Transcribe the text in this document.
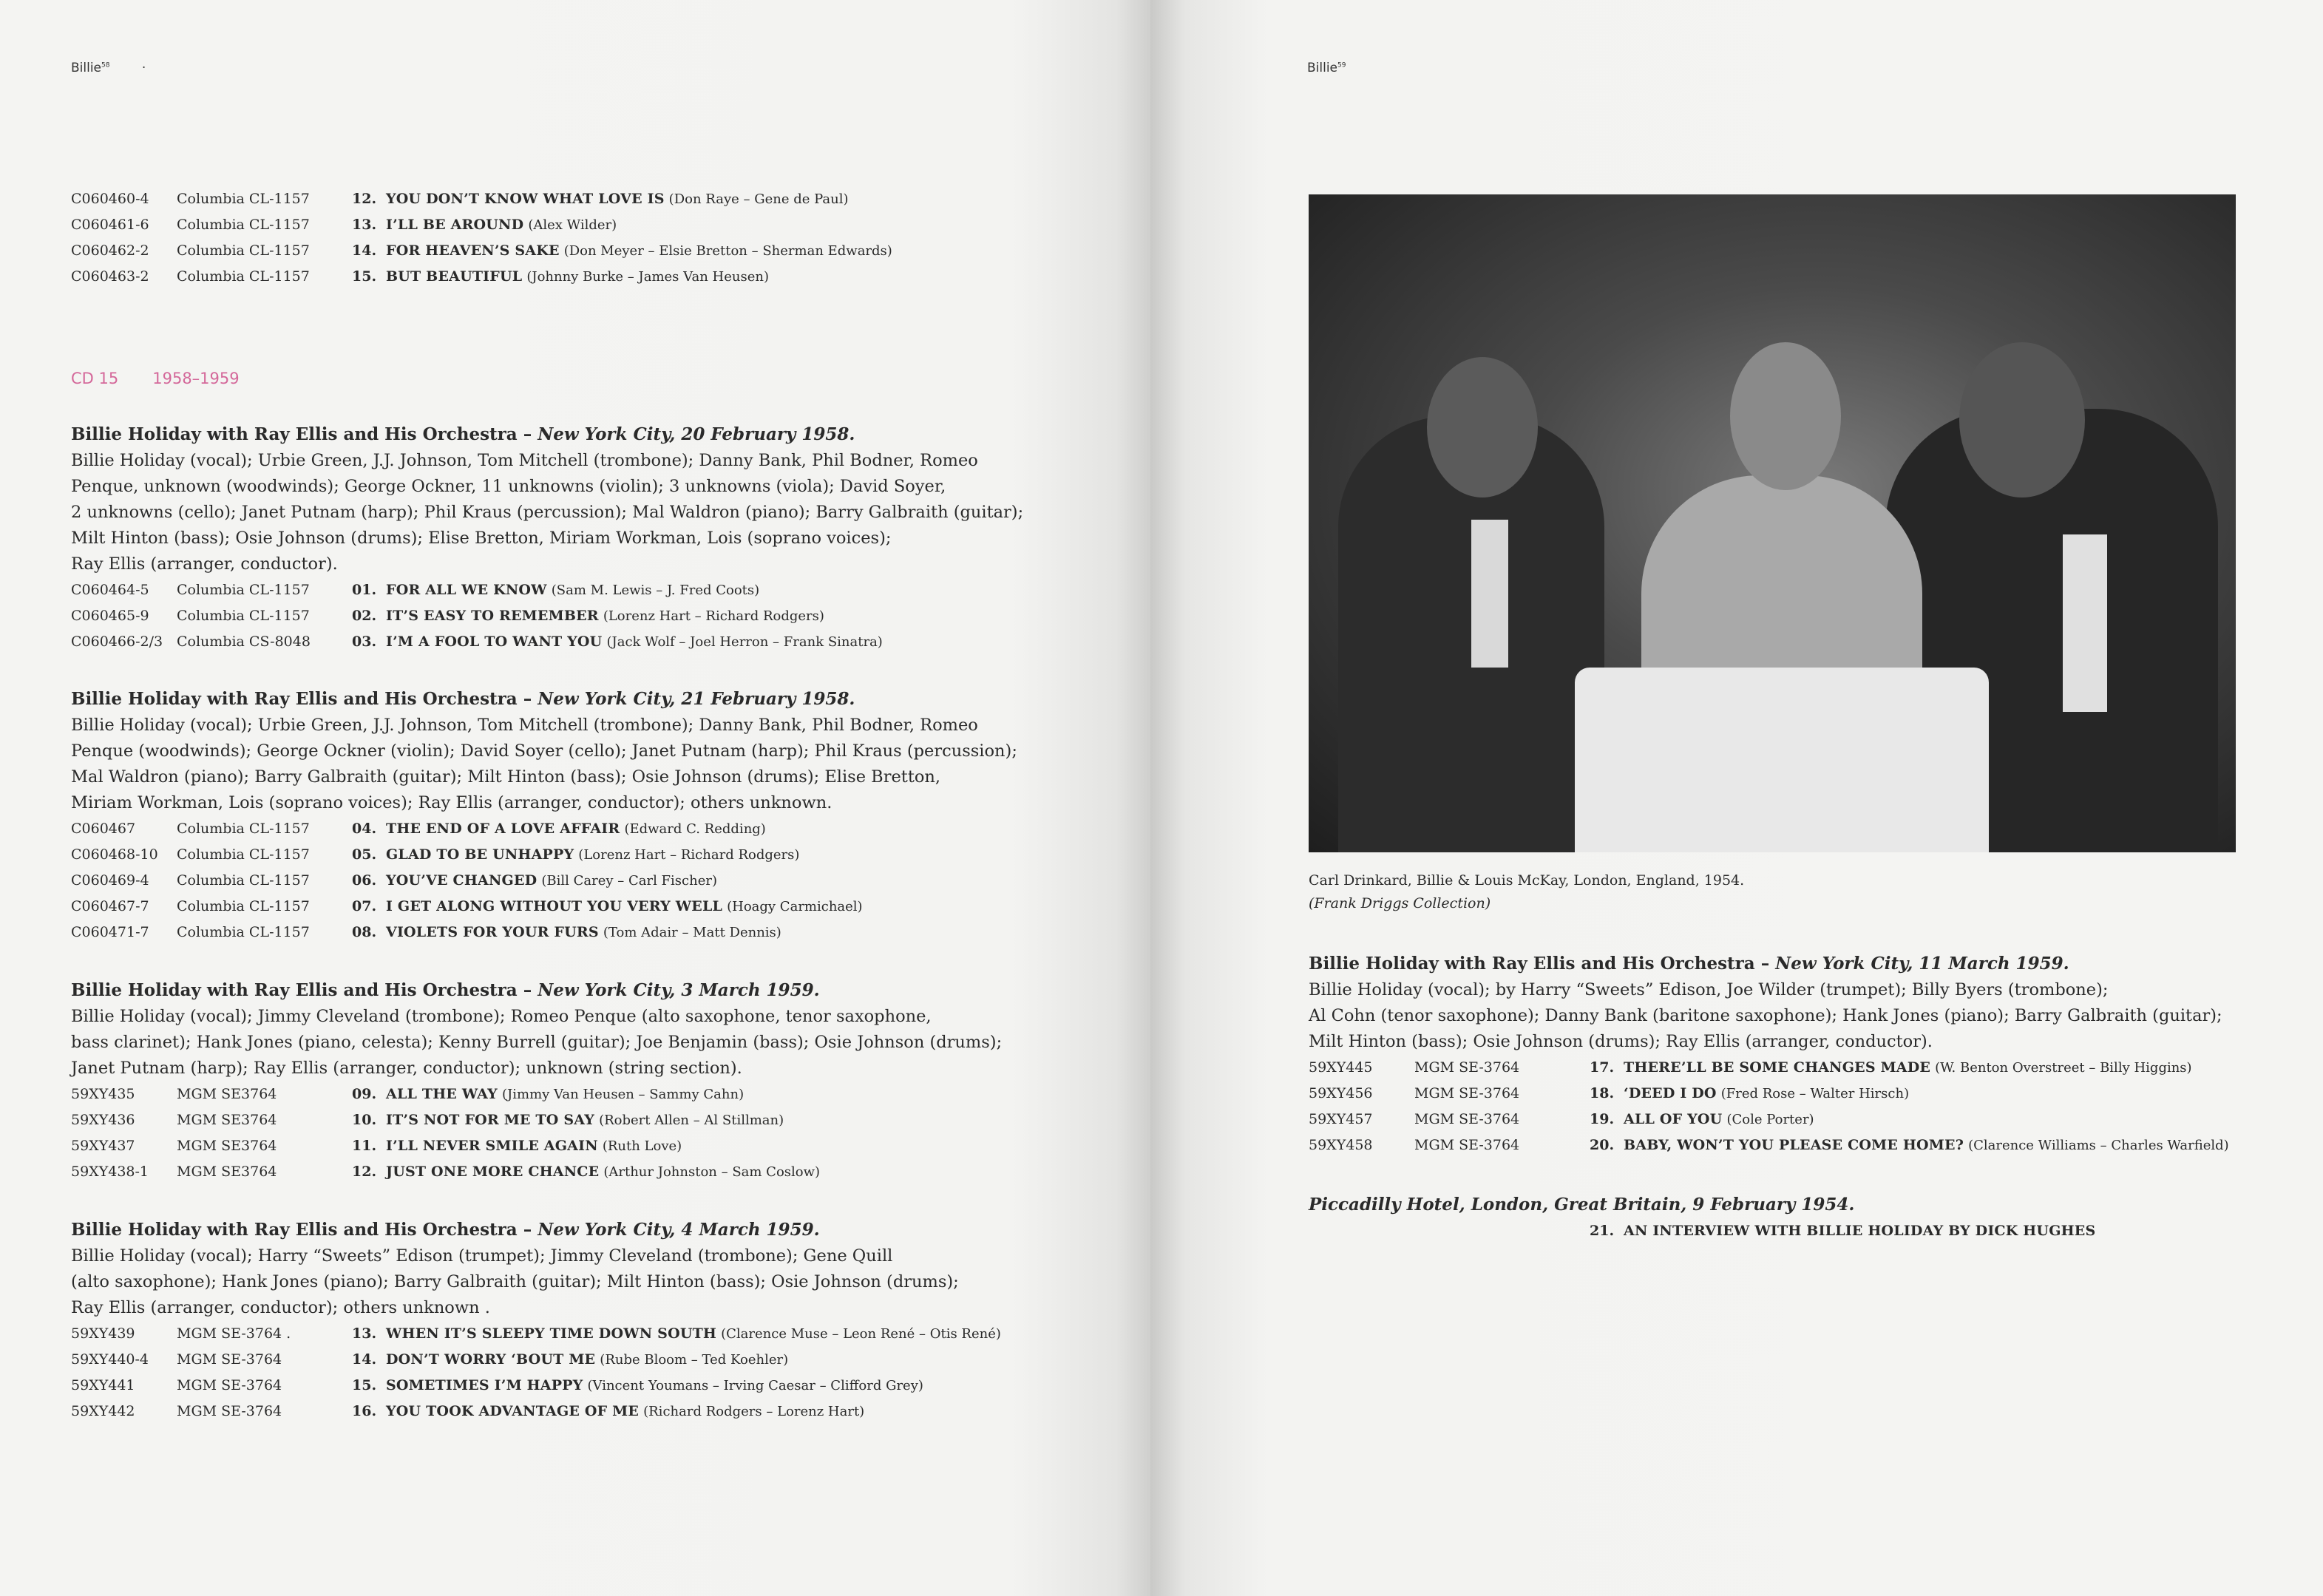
Billie$^{58}$	·
C060460-4 Columbia CL-1157	12. YOU DON’T KNOW WHAT LOVE IS (Don Raye – Gene de Paul)
C060461-6 Columbia CL-1157	13. I’LL BE AROUND (Alex Wilder)
C060462-2 Columbia CL-1157	14. FOR HEAVEN’S SAKE (Don Meyer – Elsie Bretton – Sherman Edwards)
C060463-2 Columbia CL-1157	15. BUT BEAUTIFUL (Johnny Burke – James Van Heusen)
CD 15 1958–1959
Billie Holiday with Ray Ellis and His Orchestra – New York City, 20 February 1958.
Billie Holiday (vocal); Urbie Green, J.J. Johnson, Tom Mitchell (trombone); Danny Bank, Phil Bodner, Romeo
Penque, unknown (woodwinds); George Ockner, 11 unknowns (violin); 3 unknowns (viola); David Soyer,
2 unknowns (cello); Janet Putnam (harp); Phil Kraus (percussion); Mal Waldron (piano); Barry Galbraith (guitar);
Milt Hinton (bass); Osie Johnson (drums); Elise Bretton, Miriam Workman, Lois (soprano voices);
Ray Ellis (arranger, conductor).
C060464-5 Columbia CL-1157	01. FOR ALL WE KNOW (Sam M. Lewis – J. Fred Coots)
C060465-9 Columbia CL-1157	02. IT’S EASY TO REMEMBER (Lorenz Hart – Richard Rodgers)
C060466-2/3 Columbia CS-8048	03. I’M A FOOL TO WANT YOU (Jack Wolf – Joel Herron – Frank Sinatra)
Billie Holiday with Ray Ellis and His Orchestra – New York City, 21 February 1958.
Billie Holiday (vocal); Urbie Green, J.J. Johnson, Tom Mitchell (trombone); Danny Bank, Phil Bodner, Romeo
Penque (woodwinds); George Ockner (violin); David Soyer (cello); Janet Putnam (harp); Phil Kraus (percussion);
Mal Waldron (piano); Barry Galbraith (guitar); Milt Hinton (bass); Osie Johnson (drums); Elise Bretton,
Miriam Workman, Lois (soprano voices); Ray Ellis (arranger, conductor); others unknown.
C060467	Columbia CL-1157	04. THE END OF A LOVE AFFAIR (Edward C. Redding)
C060468-10 Columbia CL-1157	05. GLAD TO BE UNHAPPY (Lorenz Hart – Richard Rodgers)
C060469-4 Columbia CL-1157	06. YOU’VE CHANGED (Bill Carey – Carl Fischer)
C060467-7 Columbia CL-1157	07. I GET ALONG WITHOUT YOU VERY WELL (Hoagy Carmichael)
C060471-7 Columbia CL-1157	08. VIOLETS FOR YOUR FURS (Tom Adair – Matt Dennis)
Billie Holiday with Ray Ellis and His Orchestra – New York City, 3 March 1959.
Billie Holiday (vocal); Jimmy Cleveland (trombone); Romeo Penque (alto saxophone, tenor saxophone,
bass clarinet); Hank Jones (piano, celesta); Kenny Burrell (guitar); Joe Benjamin (bass); Osie Johnson (drums);
Janet Putnam (harp); Ray Ellis (arranger, conductor); unknown (string section).
59XY435	MGM SE3764	09. ALL THE WAY (Jimmy Van Heusen – Sammy Cahn)
59XY436	MGM SE3764	10. IT’S NOT FOR ME TO SAY (Robert Allen – Al Stillman)
59XY437	MGM SE3764	11. I’LL NEVER SMILE AGAIN (Ruth Love)
59XY438-1 MGM SE3764	12. JUST ONE MORE CHANCE (Arthur Johnston – Sam Coslow)
Billie Holiday with Ray Ellis and His Orchestra – New York City, 4 March 1959.
Billie Holiday (vocal); Harry “Sweets” Edison (trumpet); Jimmy Cleveland (trombone); Gene Quill
(alto saxophone); Hank Jones (piano); Barry Galbraith (guitar); Milt Hinton (bass); Osie Johnson (drums);
Ray Ellis (arranger, conductor); others unknown .
59XY439	MGM SE-3764 .	13. WHEN IT’S SLEEPY TIME DOWN SOUTH (Clarence Muse – Leon René – Otis René)
59XY440-4 MGM SE-3764	14. DON’T WORRY ‘BOUT ME (Rube Bloom – Ted Koehler)
59XY441	MGM SE-3764	15. SOMETIMES I’M HAPPY (Vincent Youmans – Irving Caesar – Clifford Grey)
59XY442	MGM SE-3764	16. YOU TOOK ADVANTAGE OF ME (Richard Rodgers – Lorenz Hart)
Billie$^{59}$
Carl Drinkard, Billie & Louis McKay, London, England, 1954.
(Frank Driggs Collection)
Billie Holiday with Ray Ellis and His Orchestra – New York City, 11 March 1959.
Billie Holiday (vocal); by Harry “Sweets” Edison, Joe Wilder (trumpet); Billy Byers (trombone);
Al Cohn (tenor saxophone); Danny Bank (baritone saxophone); Hank Jones (piano); Barry Galbraith (guitar);
Milt Hinton (bass); Osie Johnson (drums); Ray Ellis (arranger, conductor).
59XY445	MGM SE-3764	17. THERE’LL BE SOME CHANGES MADE (W. Benton Overstreet – Billy Higgins)
59XY456	MGM SE-3764	18. ‘DEED I DO (Fred Rose – Walter Hirsch)
59XY457	MGM SE-3764	19. ALL OF YOU (Cole Porter)
59XY458	MGM SE-3764	20. BABY, WON’T YOU PLEASE COME HOME? (Clarence Williams – Charles Warfield)
Piccadilly Hotel, London, Great Britain, 9 February 1954.
21. AN INTERVIEW WITH BILLIE HOLIDAY BY DICK HUGHES
